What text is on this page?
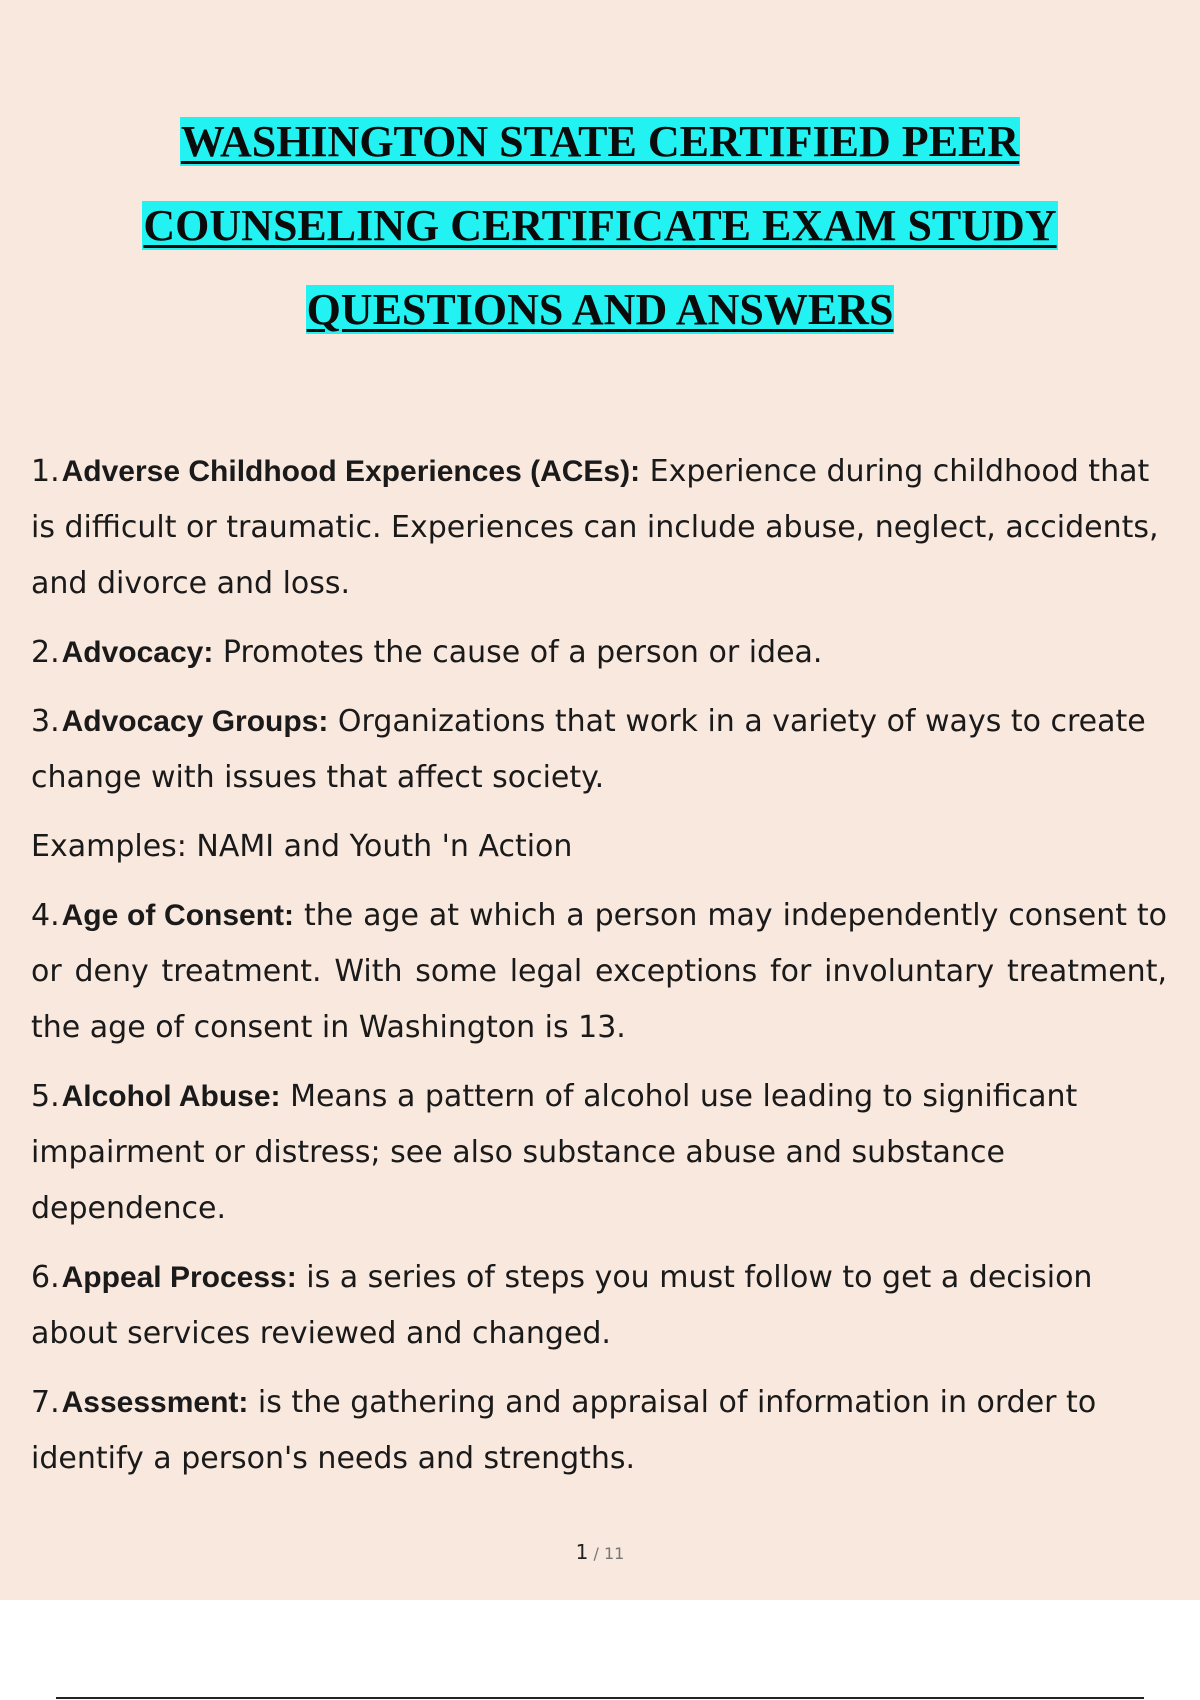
WASHINGTON STATE CERTIFIED PEER
COUNSELING CERTIFICATE EXAM STUDY
QUESTIONS AND ANSWERS

1.Adverse Childhood Experiences (ACEs): Experience during childhood that is difficult or traumatic. Experiences can include abuse, neglect, accidents, and divorce and loss.

2.Advocacy: Promotes the cause of a person or idea.

3.Advocacy Groups: Organizations that work in a variety of ways to create change with issues that affect society.

Examples: NAMI and Youth 'n Action

4.Age of Consent: the age at which a person may independently consent to or deny treatment. With some legal exceptions for involuntary treatment, the age of consent in Washington is 13.

5.Alcohol Abuse: Means a pattern of alcohol use leading to significant impairment or distress; see also substance abuse and substance dependence.

6.Appeal Process: is a series of steps you must follow to get a decision about services reviewed and changed.

7.Assessment: is the gathering and appraisal of information in order to identify a person's needs and strengths.

1 / 11
